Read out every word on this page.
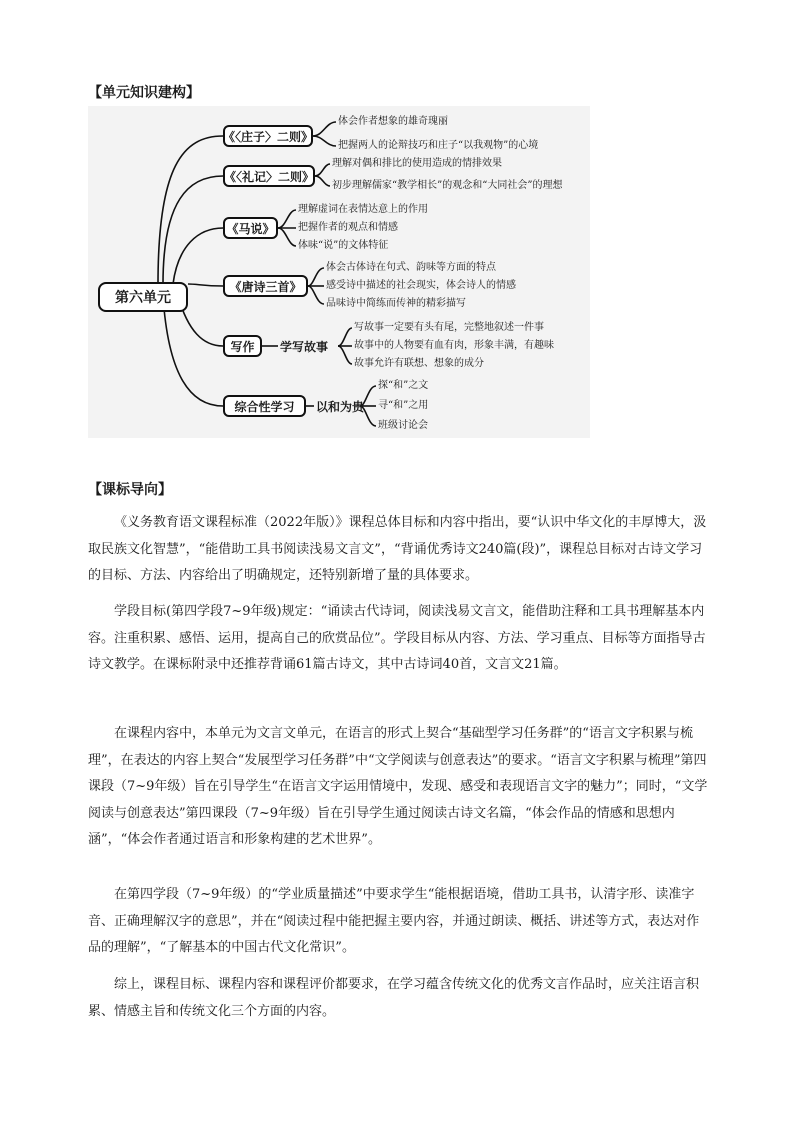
【单元知识建构】
第六单元
《〈庄子〉二则》
体会作者想象的雄奇瑰丽
把握两人的论辩技巧和庄子“以我观物”的心境
《〈礼记〉二则》
理解对偶和排比的使用造成的情排效果
初步理解儒家“教学相长”的观念和“大同社会”的理想
《马说》
理解虚词在表情达意上的作用
把握作者的观点和情感
体味“说”的文体特征
《唐诗三首》
体会古体诗在句式、韵味等方面的特点
感受诗中描述的社会现实，体会诗人的情感
品味诗中简练而传神的精彩描写
写作	学写故事
写故事一定要有头有尾，完整地叙述一件事
故事中的人物要有血有肉，形象丰满，有趣味
故事允许有联想、想象的成分
综合性学习	以和为贵
探“和”之文
寻“和”之用
班级讨论会
【课标导向】

《义务教育语文课程标准（2022年版）》课程总体目标和内容中指出，要“认识中华文化的丰厚博大，汲取民族文化智慧”，“能借助工具书阅读浅易文言文”，“背诵优秀诗文240篇(段)”，课程总目标对古诗文学习的目标、方法、内容给出了明确规定，还特别新增了量的具体要求。

学段目标(第四学段7~9年级)规定：“诵读古代诗词，阅读浅易文言文，能借助注释和工具书理解基本内容。注重积累、感悟、运用，提高自己的欣赏品位”。学段目标从内容、方法、学习重点、目标等方面指导古诗文教学。在课标附录中还推荐背诵61篇古诗文，其中古诗词40首，文言文21篇。

在课程内容中，本单元为文言文单元，在语言的形式上契合“基础型学习任务群”的“语言文字积累与梳理”，在表达的内容上契合“发展型学习任务群”中“文学阅读与创意表达”的要求。“语言文字积累与梳理”第四课段（7~9年级）旨在引导学生“在语言文字运用情境中，发现、感受和表现语言文字的魅力”；同时，“文学阅读与创意表达”第四课段（7~9年级）旨在引导学生通过阅读古诗文名篇，“体会作品的情感和思想内涵”，“体会作者通过语言和形象构建的艺术世界”。

在第四学段（7~9年级）的“学业质量描述”中要求学生“能根据语境，借助工具书，认清字形、读准字音、正确理解汉字的意思”，并在“阅读过程中能把握主要内容，并通过朗读、概括、讲述等方式，表达对作品的理解”，“了解基本的中国古代文化常识”。

综上，课程目标、课程内容和课程评价都要求，在学习蕴含传统文化的优秀文言作品时，应关注语言积累、情感主旨和传统文化三个方面的内容。
